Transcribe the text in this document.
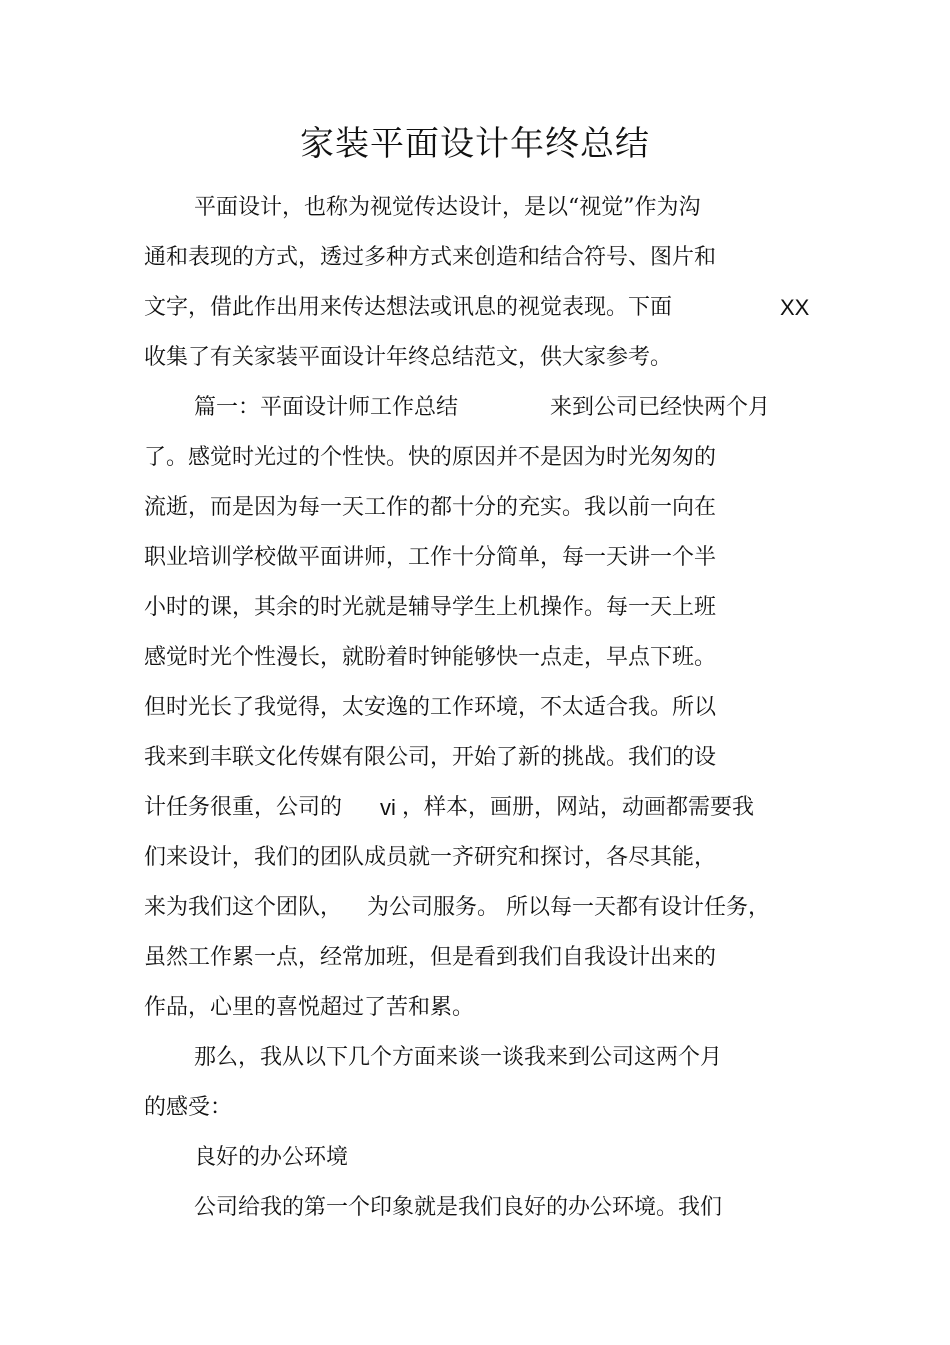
家装平面设计年终总结
平面设计，也称为视觉传达设计，是以“视觉”作为沟
通和表现的方式，透过多种方式来创造和结合符号、图片和
文字，借此作出用来传达想法或讯息的视觉表现。下面	XX
收集了有关家装平面设计年终总结范文，供大家参考。
篇一：平面设计师工作总结	来到公司已经快两个月
了。感觉时光过的个性快。快的原因并不是因为时光匆匆的
流逝，而是因为每一天工作的都十分的充实。我以前一向在
职业培训学校做平面讲师，工作十分简单，每一天讲一个半
小时的课，其余的时光就是辅导学生上机操作。每一天上班
感觉时光个性漫长，就盼着时钟能够快一点走，早点下班。
但时光长了我觉得，太安逸的工作环境，不太适合我。所以
我来到丰联文化传媒有限公司，开始了新的挑战。我们的设
计任务很重，公司的 vi ，样本，画册，网站，动画都需要我
们来设计，我们的团队成员就一齐研究和探讨，各尽其能，
来为我们这个团队， 为公司服务。 所以每一天都有设计任务，
虽然工作累一点，经常加班，但是看到我们自我设计出来的
作品，心里的喜悦超过了苦和累。
那么，我从以下几个方面来谈一谈我来到公司这两个月
的感受：
良好的办公环境
公司给我的第一个印象就是我们良好的办公环境。我们
